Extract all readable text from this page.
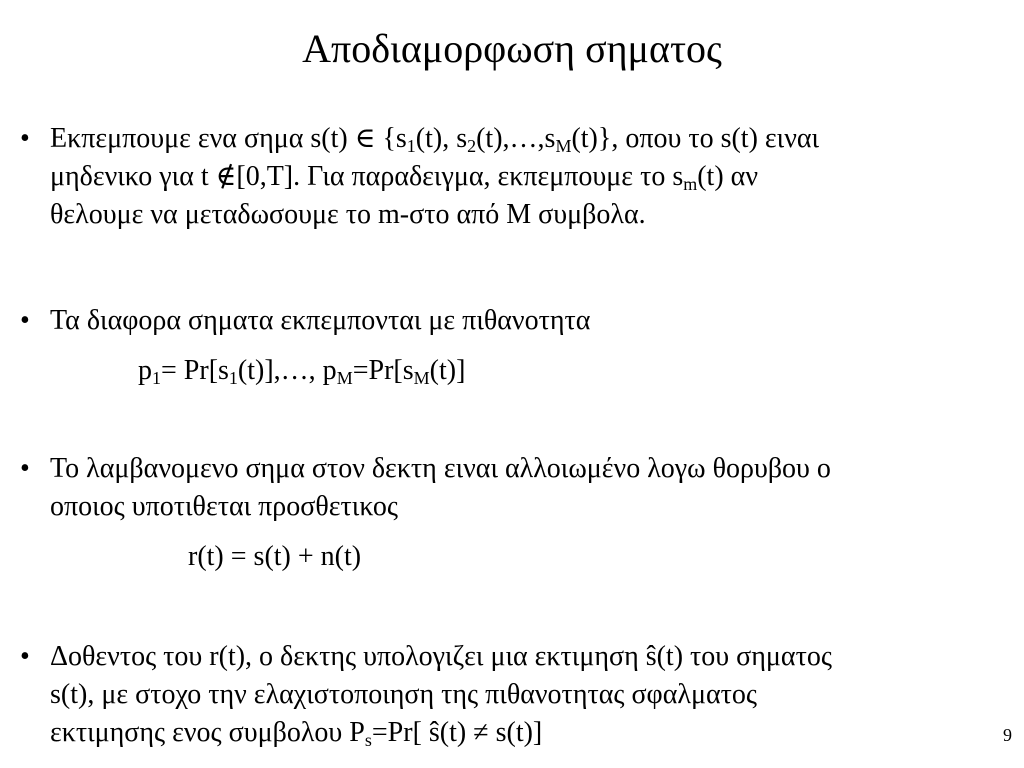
Αποδιαμορφωση σηματος
• Εκπεμπουμε ενα σημα s(t) ∈ {$s_1(t)$, $s_2(t),\dots,s_M(t)$}, οπου το s(t) ειναι
μηδενικο για t ∉[0,T]. Για παραδειγμα, εκπεμπουμε το $s_m(t)$ αν
θελουμε να μεταδωσουμε το m-στο από M συμβολα.
• Τα διαφορα σηματα εκπεμπονται με πιθανοτητα
$p_1=$ $Pr[s_1(t)],\dots$, $p_M=Pr[s_M(t)]$
• Το λαμβανομενο σημα στον δεκτη ειναι αλλοιωμένο λογω θορυβου ο
οποιος υποτιθεται προσθετικος
r(t) = s(t) + n(t)
• Δοθεντος του r(t), ο δεκτης υπολογιζει μια εκτιμηση ŝ(t) του σηματος
s(t), με στοχο την ελαχιστοποιηση της πιθανοτητας σφαλματος
εκτιμησης ενος συμβολου $P_s=Pr$[ ŝ(t) ≠ s(t)]	9
